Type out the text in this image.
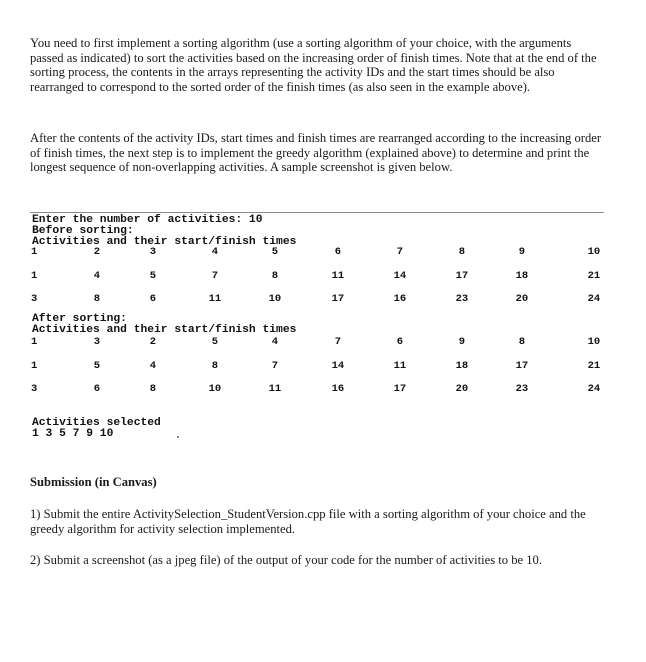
You need to first implement a sorting algorithm (use a sorting algorithm of your choice, with the arguments passed as indicated) to sort the activities based on the increasing order of finish times. Note that at the end of the sorting process, the contents in the arrays representing the activity IDs and the start times should be also rearranged to correspond to the sorted order of the finish times (as also seen in the example above).

After the contents of the activity IDs, start times and finish times are rearranged according to the increasing order of finish times, the next step is to implement the greedy algorithm (explained above) to determine and print the longest sequence of non-overlapping activities. A sample screenshot is given below.

Enter the number of activities: 10
Before sorting:
Activities and their start/finish times
1	2	3	4	5	6	7	8	9	10
1	4	5	7	8	11	14	17	18	21
3	8	6	11	10	17	16	23	20	24
After sorting:
Activities and their start/finish times
1	3	2	5	4	7	6	9	8	10
1	5	4	8	7	14	11	18	17	21
3	6	8	10	11	16	17	20	23	24
Activities selected
1 3 5 7 9 10

Submission (in Canvas)

1) Submit the entire ActivitySelection_StudentVersion.cpp file with a sorting algorithm of your choice and the greedy algorithm for activity selection implemented.

2) Submit a screenshot (as a jpeg file) of the output of your code for the number of activities to be 10.
